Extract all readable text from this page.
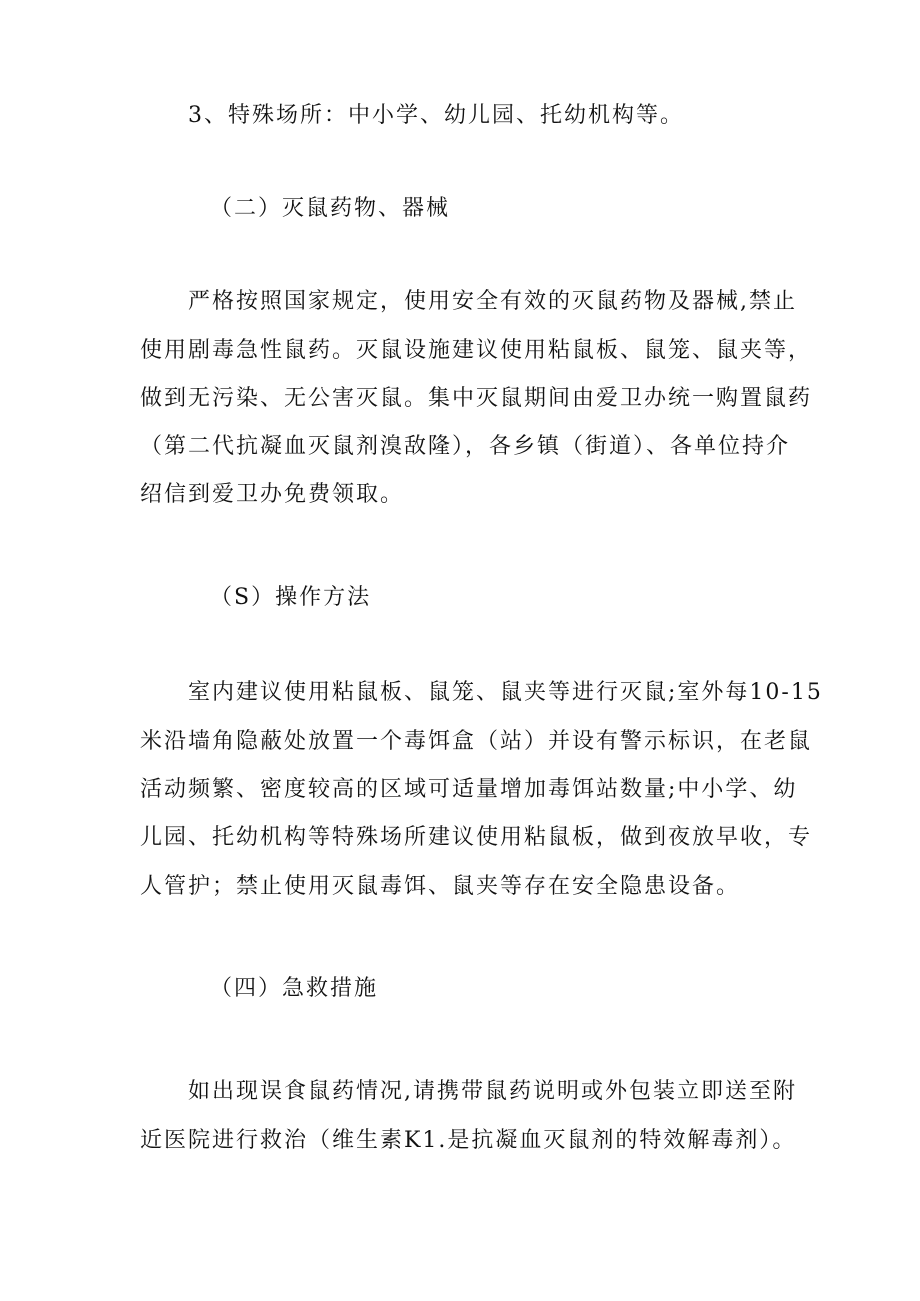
3、特殊场所：中小学、幼儿园、托幼机构等。
（二）灭鼠药物、器械
严格按照国家规定，使用安全有效的灭鼠药物及器械,禁止
使用剧毒急性鼠药。灭鼠设施建议使用粘鼠板、鼠笼、鼠夹等，
做到无污染、无公害灭鼠。集中灭鼠期间由爱卫办统一购置鼠药
（第二代抗凝血灭鼠剂溴敌隆），各乡镇（街道）、各单位持介
绍信到爱卫办免费领取。
（S）操作方法
室内建议使用粘鼠板、鼠笼、鼠夹等进行灭鼠;室外每10-15
米沿墙角隐蔽处放置一个毒饵盒（站）并设有警示标识，在老鼠
活动频繁、密度较高的区域可适量增加毒饵站数量;中小学、幼
儿园、托幼机构等特殊场所建议使用粘鼠板，做到夜放早收，专
人管护；禁止使用灭鼠毒饵、鼠夹等存在安全隐患设备。
（四）急救措施
如出现误食鼠药情况,请携带鼠药说明或外包装立即送至附
近医院进行救治（维生素K1.是抗凝血灭鼠剂的特效解毒剂）。
